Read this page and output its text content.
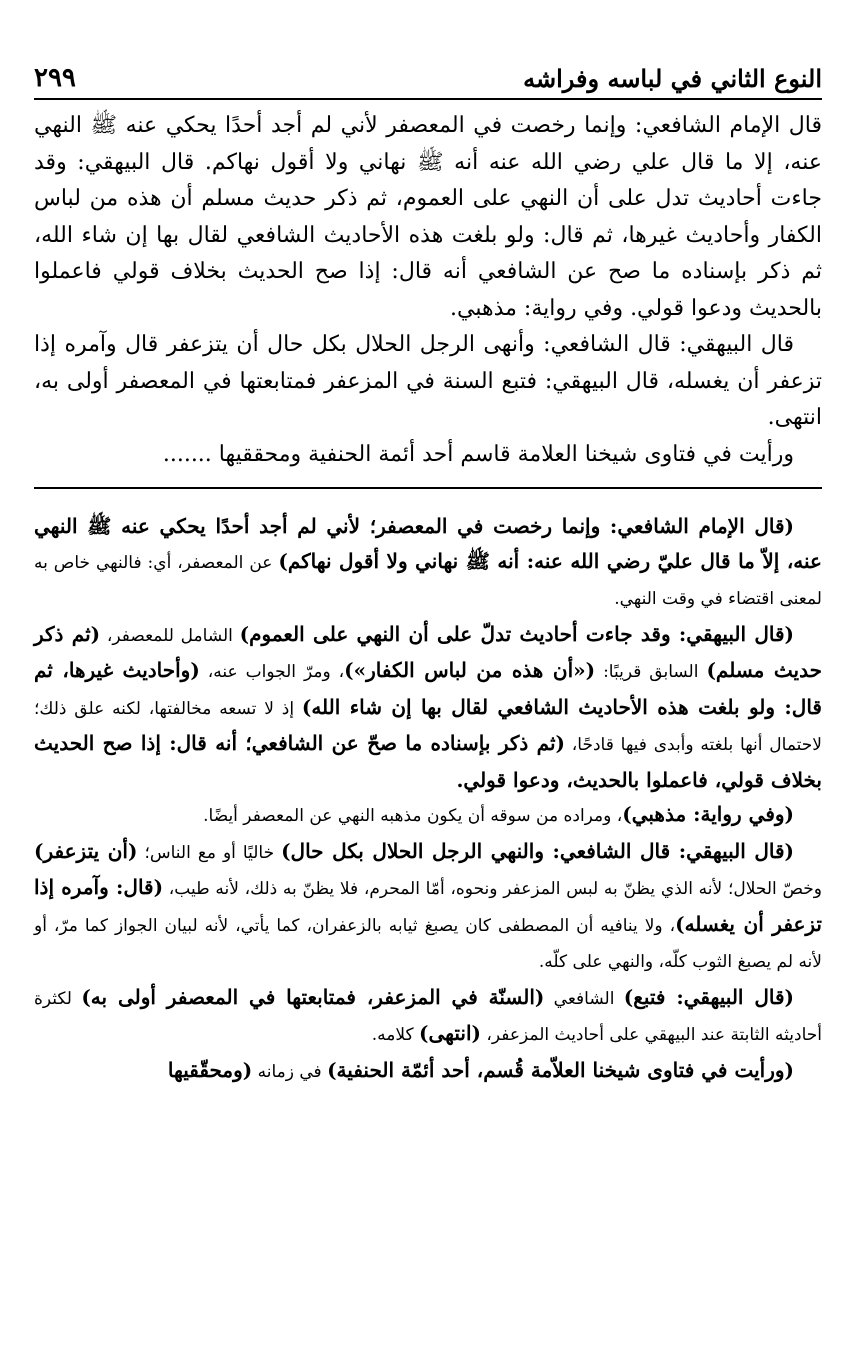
النوع الثاني في لباسه وفراشه
٢٩٩

قال الإمام الشافعي: وإنما رخصت في المعصفر لأني لم أجد أحدًا يحكي عنه ﷺ النهي عنه، إلا ما قال علي رضي الله عنه أنه ﷺ نهاني ولا أقول نهاكم. قال البيهقي: وقد جاءت أحاديث تدل على أن النهي على العموم، ثم ذكر حديث مسلم أن هذه من لباس الكفار وأحاديث غيرها، ثم قال: ولو بلغت هذه الأحاديث الشافعي لقال بها إن شاء الله، ثم ذكر بإسناده ما صح عن الشافعي أنه قال: إذا صح الحديث بخلاف قولي فاعملوا بالحديث ودعوا قولي. وفي رواية: مذهبي.

قال البيهقي: قال الشافعي: وأنهى الرجل الحلال بكل حال أن يتزعفر قال وآمره إذا تزعفر أن يغسله، قال البيهقي: فتبع السنة في المزعفر فمتابعتها في المعصفر أولى به، انتهى.

ورأيت في فتاوى شيخنا العلامة قاسم أحد أئمة الحنفية ومحققيها .......

(قال الإمام الشافعي: وإنما رخصت في المعصفر؛ لأني لم أجد أحدًا يحكي عنه ﷺ النهي عنه، إلاّ ما قال عليّ رضي الله عنه: أنه ﷺ نهاني ولا أقول نهاكم) عن المعصفر، أي: فالنهي خاص به لمعنى اقتضاء في وقت النهي.

(قال البيهقي: وقد جاءت أحاديث تدلّ على أن النهي على العموم) الشامل للمعصفر، (ثم ذكر حديث مسلم) السابق قريبًا: («أن هذه من لباس الكفار»)، ومرّ الجواب عنه، (وأحاديث غيرها، ثم قال: ولو بلغت هذه الأحاديث الشافعي لقال بها إن شاء الله) إذ لا تسعه مخالفتها، لكنه علق ذلك؛ لاحتمال أنها بلغته وأبدى فيها قادحًا، (ثم ذكر بإسناده ما صحّ عن الشافعي؛ أنه قال: إذا صح الحديث بخلاف قولي، فاعملوا بالحديث، ودعوا قولي.

(وفي رواية: مذهبي)، ومراده من سوقه أن يكون مذهبه النهي عن المعصفر أيضًا.

(قال البيهقي: قال الشافعي: والنهي الرجل الحلال بكل حال) خاليًا أو مع الناس؛ (أن يتزعفر) وخصّ الحلال؛ لأنه الذي يظنّ به لبس المزعفر ونحوه، أمّا المحرم، فلا يظنّ به ذلك، لأنه طيب، (قال: وآمره إذا تزعفر أن يغسله)، ولا ينافيه أن المصطفى كان يصبغ ثيابه بالزعفران، كما يأتي، لأنه لبيان الجواز كما مرّ، أو لأنه لم يصبغ الثوب كلّه، والنهي على كلّه.

(قال البيهقي: فتبع) الشافعي (السنّة في المزعفر، فمتابعتها في المعصفر أولى به) لكثرة أحاديثه الثابتة عند البيهقي على أحاديث المزعفر، (انتهى) كلامه.

(ورأيت في فتاوى شيخنا العلاّمة قُسم، أحد أئمّة الحنفية) في زمانه (ومحقّقيها
